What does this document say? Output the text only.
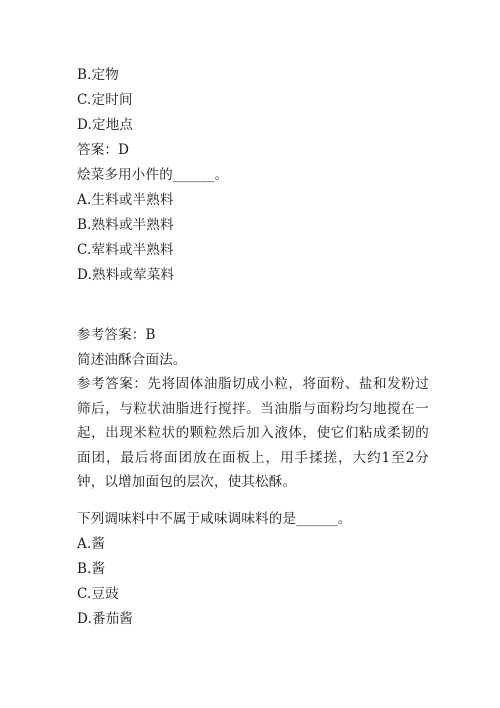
B.定物
C.定时间
D.定地点
答案：D
烩菜多用小件的______。
A.生料或半熟料
B.熟料或半熟料
C.荤料或半熟料
D.熟料或荤菜料
参考答案：B
简述油酥合面法。
参考答案：先将固体油脂切成小粒，将面粉、盐和发粉过筛后，与粒状油脂进行搅拌。当油脂与面粉均匀地搅在一起，出现米粒状的颗粒然后加入液体，使它们粘成柔韧的面团，最后将面团放在面板上，用手揉搓，大约1至2分钟，以增加面包的层次，使其松酥。
下列调味料中不属于咸味调味料的是______。
A.酱
B.酱
C.豆豉
D.番茄酱
